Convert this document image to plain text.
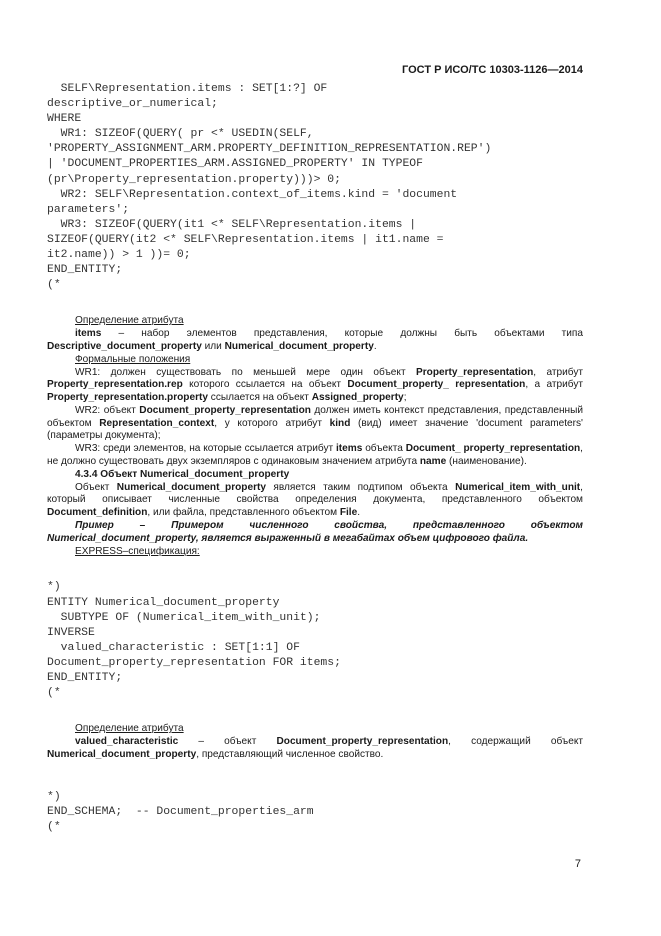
ГОСТ Р ИСО/ТС 10303-1126—2014
SELF\Representation.items : SET[1:?] OF
descriptive_or_numerical;
WHERE
WR1: SIZEOF(QUERY( pr <* USEDIN(SELF,
'PROPERTY_ASSIGNMENT_ARM.PROPERTY_DEFINITION_REPRESENTATION.REP')
| 'DOCUMENT_PROPERTIES_ARM.ASSIGNED_PROPERTY' IN TYPEOF
(pr\Property_representation.property)))> 0;
WR2: SELF\Representation.context_of_items.kind = 'document
parameters';
WR3: SIZEOF(QUERY(it1 <* SELF\Representation.items |
SIZEOF(QUERY(it2 <* SELF\Representation.items | it1.name =
it2.name)) > 1 ))= 0;
END_ENTITY;
(*

Определение атрибута

items – набор элементов представления, которые должны быть объектами типа Descriptive_document_property или Numerical_document_property.

Формальные положения

WR1: должен существовать по меньшей мере один объект Property_representation, атрибут Property_representation.rep которого ссылается на объект Document_property_ representation, а атрибут Property_representation.property ссылается на объект Assigned_property;

WR2: объект Document_property_representation должен иметь контекст представления, представленный объектом Representation_context, у которого атрибут kind (вид) имеет значение 'document parameters' (параметры документа);

WR3: среди элементов, на которые ссылается атрибут items объекта Document_ property_representation, не должно существовать двух экземпляров с одинаковым значением атрибута name (наименование).

4.3.4 Объект Numerical_document_property

Объект Numerical_document_property является таким подтипом объекта Numerical_item_with_unit, который описывает численные свойства определения документа, представленного объектом Document_definition, или файла, представленного объектом File.

Пример – Примером численного свойства, представленного объектом Numerical_document_property, является выраженный в мегабайтах объем цифрового файла.

EXPRESS–спецификация:

*)
ENTITY Numerical_document_property
SUBTYPE OF (Numerical_item_with_unit);
INVERSE
valued_characteristic : SET[1:1] OF
Document_property_representation FOR items;
END_ENTITY;
(*

Определение атрибута

valued_characteristic – объект Document_property_representation, содержащий объект Numerical_document_property, представляющий численное свойство.

*)
END_SCHEMA;  -- Document_properties_arm
(*
7
